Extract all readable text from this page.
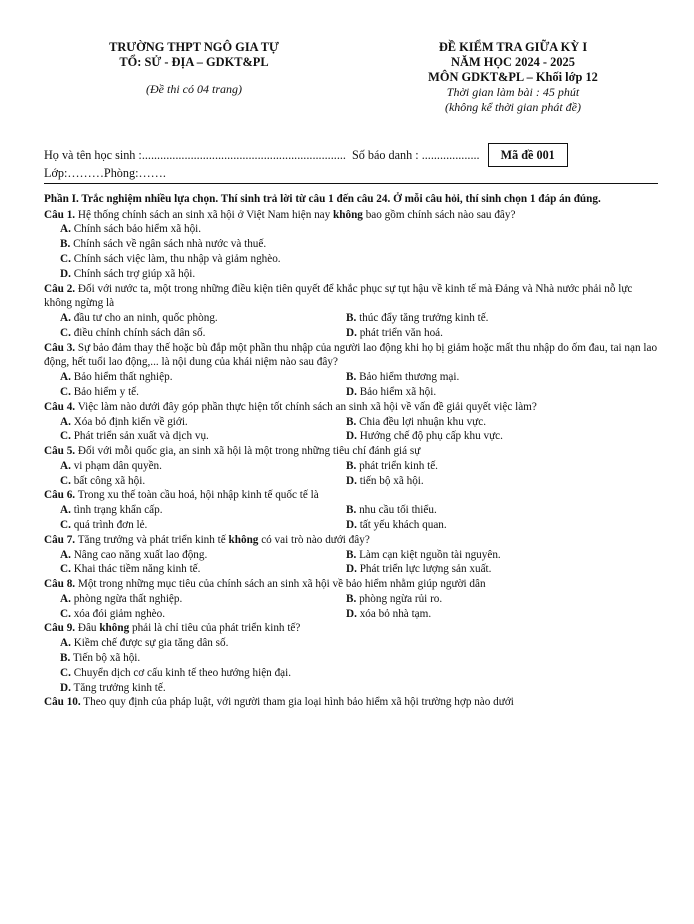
TRƯỜNG THPT NGÔ GIA TỰ
TỔ: SỬ - ĐỊA – GDKT&PL
(Đề thi có 04 trang)
ĐỀ KIỂM TRA GIỮA KỲ I
NĂM HỌC 2024 - 2025
MÔN GDKT&PL – Khối lớp 12
Thời gian làm bài : 45 phút
(không kể thời gian phát đề)
Họ và tên học sinh :................................................................... Số báo danh : ...................	Mã đề 001
Lớp:………Phòng:…….
Phần I. Trắc nghiệm nhiều lựa chọn. Thí sinh trả lời từ câu 1 đến câu 24. Ở mỗi câu hỏi, thí sinh chọn 1 đáp án đúng.
Câu 1. Hệ thống chính sách an sinh xã hội ở Việt Nam hiện nay không bao gồm chính sách nào sau đây?
A. Chính sách bảo hiểm xã hội.
B. Chính sách về ngân sách nhà nước và thuế.
C. Chính sách việc làm, thu nhập và giảm nghèo.
D. Chính sách trợ giúp xã hội.
Câu 2. Đối với nước ta, một trong những điều kiện tiên quyết để khắc phục sự tụt hậu về kinh tế mà Đảng và Nhà nước phải nỗ lực không ngừng là
A. đầu tư cho an ninh, quốc phòng.	B. thúc đẩy tăng trưởng kinh tế.
C. điều chỉnh chính sách dân số.	D. phát triển văn hoá.
Câu 3. Sự bảo đảm thay thế hoặc bù đắp một phần thu nhập của người lao động khi họ bị giảm hoặc mất thu nhập do ốm đau, tai nạn lao động, hết tuổi lao động,... là nội dung của khái niệm nào sau đây?
A. Bảo hiểm thất nghiệp.	B. Bảo hiểm thương mại.
C. Bảo hiểm y tế.	D. Bảo hiểm xã hội.
Câu 4. Việc làm nào dưới đây góp phần thực hiện tốt chính sách an sinh xã hội về vấn đề giải quyết việc làm?
A. Xóa bỏ định kiến về giới.	B. Chia đều lợi nhuận khu vực.
C. Phát triển sản xuất và dịch vụ.	D. Hướng chế độ phụ cấp khu vực.
Câu 5. Đối với mỗi quốc gia, an sinh xã hội là một trong những tiêu chí đánh giá sự
A. vi phạm dân quyền.	B. phát triển kinh tế.
C. bất công xã hội.	D. tiến bộ xã hội.
Câu 6. Trong xu thế toàn cầu hoá, hội nhập kinh tế quốc tế là
A. tình trạng khẩn cấp.	B. nhu cầu tối thiểu.
C. quá trình đơn lẻ.	D. tất yếu khách quan.
Câu 7. Tăng trưởng và phát triển kinh tế không có vai trò nào dưới đây?
A. Nâng cao năng xuất lao động.	B. Làm cạn kiệt nguồn tài nguyên.
C. Khai thác tiềm năng kinh tế.	D. Phát triển lực lượng sản xuất.
Câu 8. Một trong những mục tiêu của chính sách an sinh xã hội về bảo hiểm nhằm giúp người dân
A. phòng ngừa thất nghiệp.	B. phòng ngừa rủi ro.
C. xóa đói giảm nghèo.	D. xóa bỏ nhà tạm.
Câu 9. Đâu không phải là chỉ tiêu của phát triển kinh tế?
A. Kiềm chế được sự gia tăng dân số.
B. Tiến bộ xã hội.
C. Chuyển dịch cơ cấu kinh tế theo hướng hiện đại.
D. Tăng trưởng kinh tế.
Câu 10. Theo quy định của pháp luật, với người tham gia loại hình bảo hiểm xã hội trường hợp nào dưới
